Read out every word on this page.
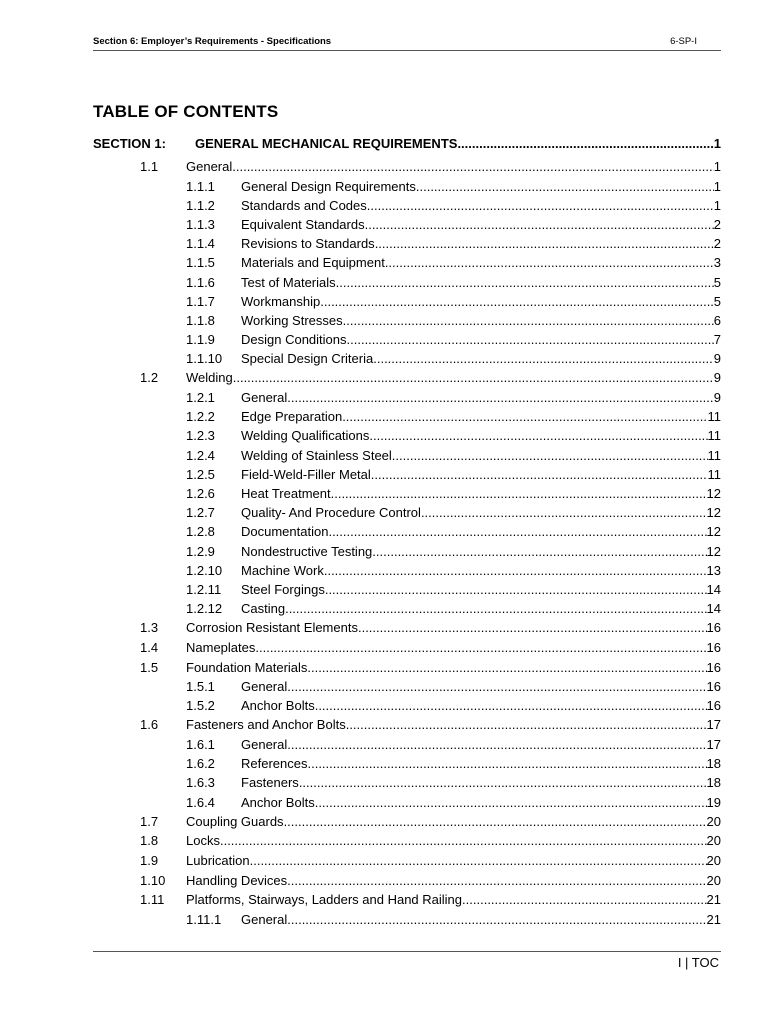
Section 6: Employer’s Requirements - Specifications	6-SP-I
TABLE OF CONTENTS
SECTION 1: GENERAL MECHANICAL REQUIREMENTS .....	1
1.1 General .....	1
1.1.1 General Design Requirements .....	1
1.1.2 Standards and Codes .....	1
1.1.3 Equivalent Standards .....	2
1.1.4 Revisions to Standards .....	2
1.1.5 Materials and Equipment .....	3
1.1.6 Test of Materials .....	5
1.1.7 Workmanship .....	5
1.1.8 Working Stresses .....	6
1.1.9 Design Conditions .....	7
1.1.10 Special Design Criteria .....	9
1.2 Welding .....	9
1.2.1 General .....	9
1.2.2 Edge Preparation .....	11
1.2.3 Welding Qualifications .....	11
1.2.4 Welding of Stainless Steel .....	11
1.2.5 Field-Weld-Filler Metal .....	11
1.2.6 Heat Treatment .....	12
1.2.7 Quality- And Procedure Control .....	12
1.2.8 Documentation .....	12
1.2.9 Nondestructive Testing .....	12
1.2.10 Machine Work .....	13
1.2.11 Steel Forgings .....	14
1.2.12 Casting .....	14
1.3 Corrosion Resistant Elements .....	16
1.4 Nameplates .....	16
1.5 Foundation Materials .....	16
1.5.1 General .....	16
1.5.2 Anchor Bolts .....	16
1.6 Fasteners and Anchor Bolts .....	17
1.6.1 General .....	17
1.6.2 References .....	18
1.6.3 Fasteners .....	18
1.6.4 Anchor Bolts .....	19
1.7 Coupling Guards .....	20
1.8 Locks .....	20
1.9 Lubrication .....	20
1.10 Handling Devices .....	20
1.11 Platforms, Stairways, Ladders and Hand Railing .....	21
1.11.1 General .....	21
I | TOC
